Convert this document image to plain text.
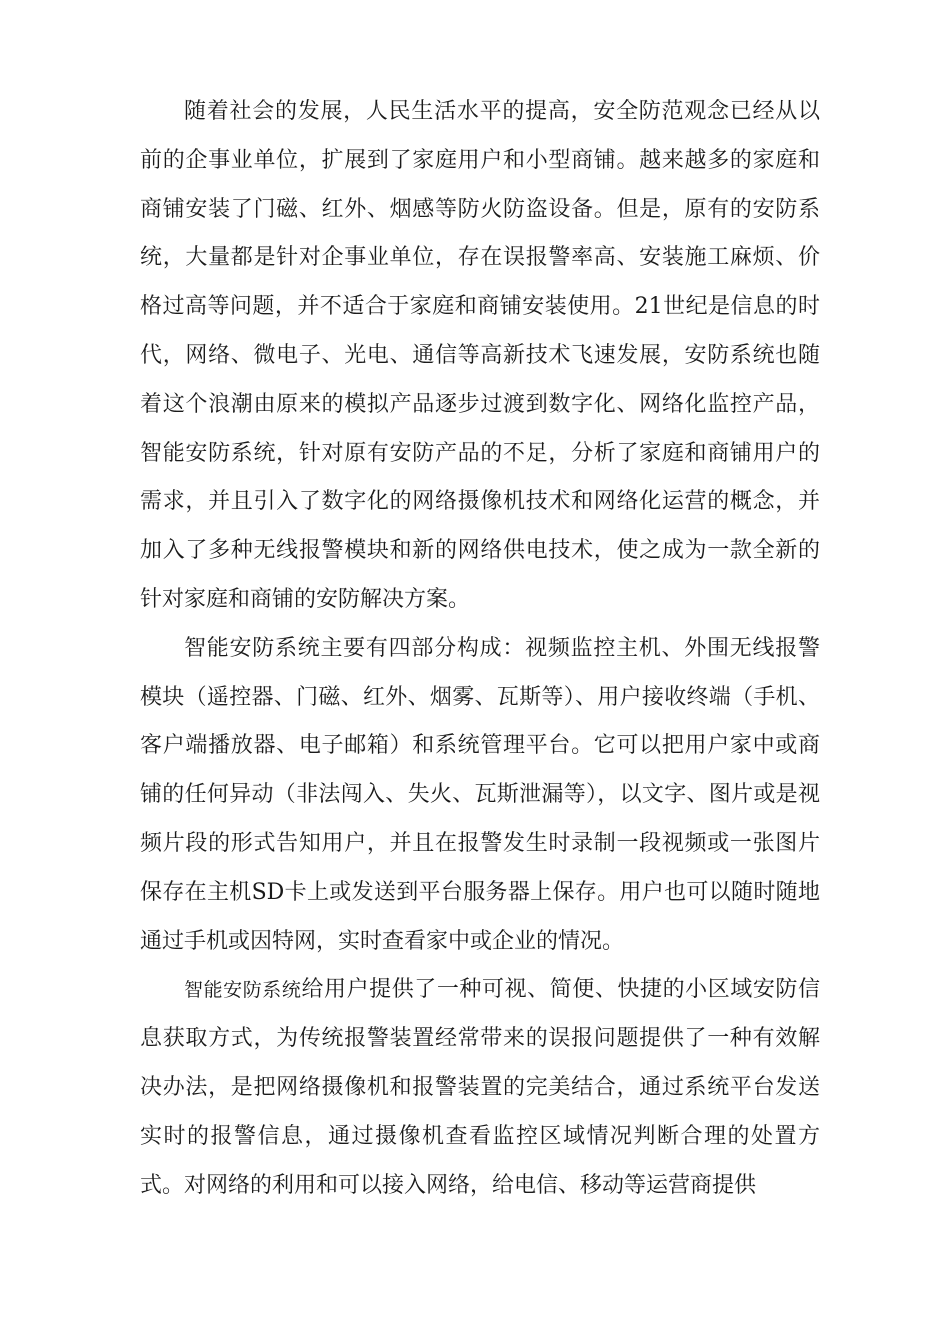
随着社会的发展，人民生活水平的提高，安全防范观念已经从以前的企事业单位，扩展到了家庭用户和小型商铺。越来越多的家庭和商铺安装了门磁、红外、烟感等防火防盗设备。但是，原有的安防系统，大量都是针对企事业单位，存在误报警率高、安装施工麻烦、价格过高等问题，并不适合于家庭和商铺安装使用。21世纪是信息的时代，网络、微电子、光电、通信等高新技术飞速发展，安防系统也随着这个浪潮由原来的模拟产品逐步过渡到数字化、网络化监控产品，智能安防系统，针对原有安防产品的不足，分析了家庭和商铺用户的需求，并且引入了数字化的网络摄像机技术和网络化运营的概念，并加入了多种无线报警模块和新的网络供电技术，使之成为一款全新的针对家庭和商铺的安防解决方案。

智能安防系统主要有四部分构成：视频监控主机、外围无线报警模块（遥控器、门磁、红外、烟雾、瓦斯等）、用户接收终端（手机、客户端播放器、电子邮箱）和系统管理平台。它可以把用户家中或商铺的任何异动（非法闯入、失火、瓦斯泄漏等），以文字、图片或是视频片段的形式告知用户，并且在报警发生时录制一段视频或一张图片保存在主机SD卡上或发送到平台服务器上保存。用户也可以随时随地通过手机或因特网，实时查看家中或企业的情况。

智能安防系统给用户提供了一种可视、简便、快捷的小区域安防信息获取方式，为传统报警装置经常带来的误报问题提供了一种有效解决办法，是把网络摄像机和报警装置的完美结合，通过系统平台发送实时的报警信息，通过摄像机查看监控区域情况判断合理的处置方式。对网络的利用和可以接入网络，给电信、移动等运营商提供
